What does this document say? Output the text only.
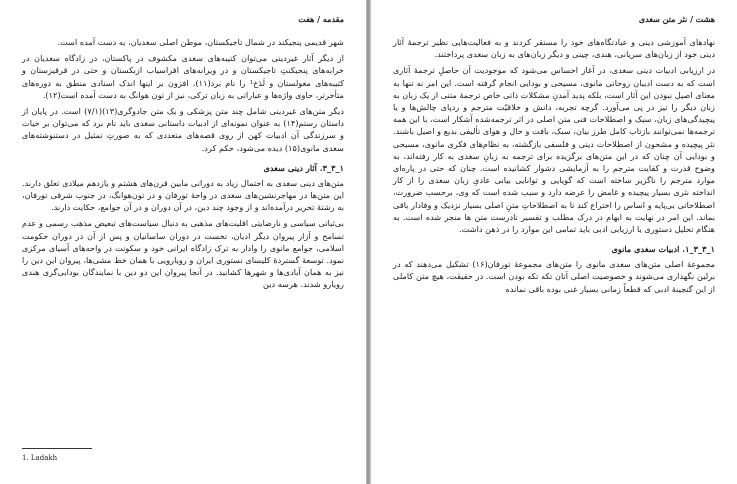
مقدمه / هفت

شهر قدیمی پنجیکند در شمال تاجیکستان، موطن اصلی سغدیان، به دست آمده است.

از دیگر آثار غیردینی می‌توان کتیبه‌های سغدی مکشوف در پاکستان، در زادگاه سغدیان در خرابه‌های پنجیکنتِ تاجیکستان و در ویرانه‌های افراسیاب ازبکستان و حتی در قرقیزستان و کتیبه‌های مغولستان و لَدَخ¹ را نام برد(۱۱). افزون بر اینها اندک اسنادی منطق به دوره‌های متأخرتر، حاوی واژه‌ها و عباراتی به زبان ترکی، نیز از تون هوانگ به دست آمده است(۱۲).

دیگر متن‌های غیردینی شامل چند متن پزشکی و یک متن جادوگری(۱۳)(۷/۱) است. در پایان از داستان رستم(۱۴) به عنوان نمونه‌ای از ادبیات داستانی سغدی باید نام برد که می‌توان بر حیات و سرزندگی آن ادبیات کهن از روی قصه‌های متعددی که به صورتِ تمثیل در دستنوشته‌های سغدی مانوی(۱۵) دیده می‌شود، حکم کرد.

۱_۳_۳. آثار دینی سغدی

متن‌های دینی سغدی به احتمال زیاد به دورانی مابین قرن‌های هشتم و یازدهم میلادی تعلق دارند. این متن‌ها در مهاجرنشین‌های سغدی در واحهٔ تورفان و در تون‌هوانگ، در جنوب شرقی تورفان، به رشتهٔ تحریر درآمده‌اند و از وجود چند دین، در آن دوران و در آن جوامع، حکایت دارند.

بی‌ثباتی سیاسی و نارضایتی اقلیت‌های مذهبی به دنبال سیاست‌های تبعیض مذهب رسمی و عدم تسامح و آزار پیروان دیگر ادیان، نخست در دوران ساسانیان و پس از آن در دوران حکومت اسلامی، جوامع مانوی را وادار به ترک زادگاه ایرانی خود و سکونت در واحه‌های آسیای مرکزی نمود. توسعهٔ گستردهٔ کلیسای نستوری ایران و رویارویی با همان خط مشی‌ها، پیروان این دین را نیز به همان آبادی‌ها و شهرها کشانید. در آنجا پیروان این دو دین با نمایندگان بودایی‌گری هندی رویارو شدند. هرسه دین

1. Ladakh
هشت / نثر متن سغدی

نهادهای آموزشی دینی و عبادتگاه‌های خود را مستقر کردند و به فعالیت‌هایی نظیر ترجمهٔ آثار دینی خود از زبان‌های سریانی، هندی، چینی و دیگر زبان‌های به زبان سغدی پرداختند.

در ارزیابی ادبیات دینی سغدی، در آغاز احساس می‌شود که موجودیت آن حاصلِ ترجمهٔ آثاری است که به دست ادیبان روحانی مانوی، مسیحی و بودایی انجام گرفته است. این امر نه تنها به معنای اصیل نبودن این آثار است، بلکه پدید آمدنِ مشکلات ذاتی خاص ترجمهٔ متنی از یک زبان به زبان دیگر را نیز در پی می‌آورد. گرچه تجربه، دانش و خلاقیّت مترجم و ردپای چالش‌ها و یا پیچیدگی‌های زبان، سبک و اصطلاحات فنی متن اصلی در اثر ترجمه‌شده آشکار است، با این همه ترجمه‌ها نمی‌توانند بازتاب کامل طرز بیان، سبک، بافت و حال و هوای تألیفی بدیع و اصیل باشند. نثر پیچیده و مشحون از اصطلاحات دینی و فلسفی بازگشته، به نظام‌های فکری مانوی، مسیحی و بودایی آن چنان که در این متن‌های برگزیده برای ترجمه به زبانِ سغدی به کار رفته‌اند، به وضوح قدرت و کفایت مترجم را به آزمایشی دشوار کشانیده است. چنان که حتی در پاره‌ای موارد مترجم را ناگزیر ساخته است که گویایی و توانایی بیانی عادیِ زبان سغدی را از کار انداخته نثری بسیار پیچیده و غامض را عرضه دارد و سبب شده است که وی، برحسب ضرورت، اصطلاحاتی بی‌پایه و اساس را اختراع کند تا به اصطلاحاتِ متنِ اصلی بسیار نزدیک و وفادار باقی بماند. این امر در نهایت به ابهام در درک مطلب و تفسیر نادرست متن ها منجر شده است. به هنگام تحلیل دستوری یا ارزیابی ادبی باید تمامی این موارد را در ذهن داشت.

۱_۳_۳_۱. ادبیات سغدی مانوی

مجموعهٔ اصلی متن‌های سغدی مانوی را متن‌های مجموعهٔ تورفان(۱۶) تشکیل می‌دهند که در برلین نگهداری می‌شوند و خصوصیت اصلی آنان تکه تکه بودن است. در حقیقت، هیچ متن کاملی از این گنجینهٔ ادبی که قطعاً زمانی بسیار غنی بوده باقی نمانده
